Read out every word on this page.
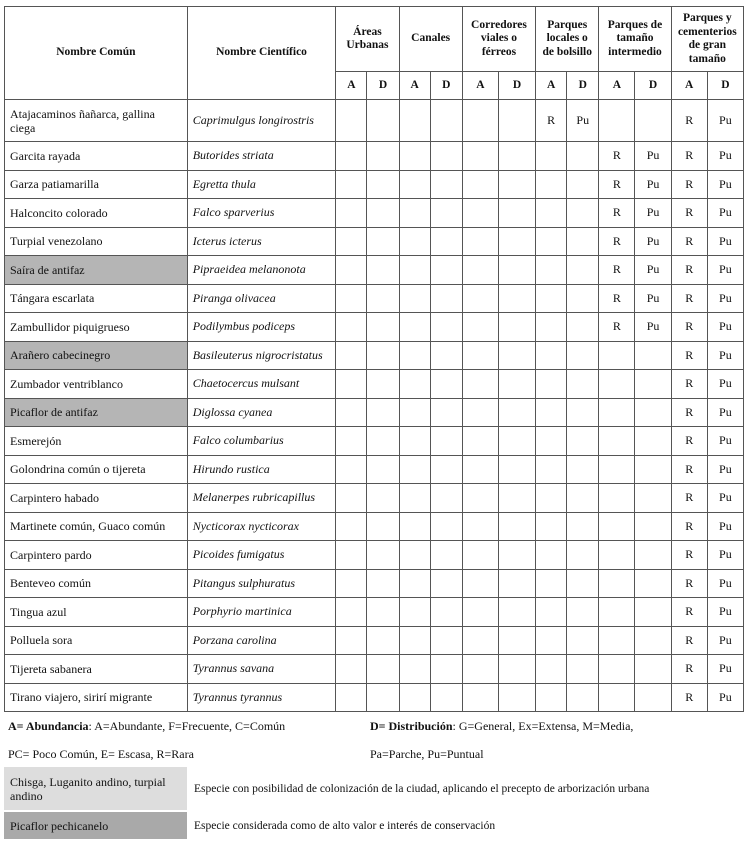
Nombre Común	Nombre Científico	Áreas Urbanas		Canales		Corredores viales o férreos		Parques locales o de bolsillo		Parques de tamaño intermedio		Parques y cementerios de gran tamaño	
		A	D	A	D	A	D	A	D	A	D	A	D
Atajacaminos ñañarca, gallina ciega	Caprimulgus longirostris							R	Pu			R	Pu
Garcita rayada	Butorides striata									R	Pu	R	Pu
Garza patiamarilla	Egretta thula									R	Pu	R	Pu
Halconcito colorado	Falco sparverius									R	Pu	R	Pu
Turpial venezolano	Icterus icterus									R	Pu	R	Pu
Saíra de antifaz	Pipraeidea melanonota									R	Pu	R	Pu
Tángara escarlata	Piranga olivacea									R	Pu	R	Pu
Zambullidor piquigrueso	Podilymbus podiceps									R	Pu	R	Pu
Arañero cabecinegro	Basileuterus nigrocristatus											R	Pu
Zumbador ventriblanco	Chaetocercus mulsant											R	Pu
Picaflor de antifaz	Diglossa cyanea											R	Pu
Esmerejón	Falco columbarius											R	Pu
Golondrina común o tijereta	Hirundo rustica											R	Pu
Carpintero habado	Melanerpes rubricapillus											R	Pu
Martinete común, Guaco común	Nycticorax nycticorax											R	Pu
Carpintero pardo	Picoides fumigatus											R	Pu
Benteveo común	Pitangus sulphuratus											R	Pu
Tingua azul	Porphyrio martinica											R	Pu
Polluela sora	Porzana carolina											R	Pu
Tijereta sabanera	Tyrannus savana											R	Pu
Tirano viajero, sirirí migrante	Tyrannus tyrannus											R	Pu
A= Abundancia: A=Abundante, F=Frecuente, C=Común
PC= Poco Común, E= Escasa, R=Rara
D= Distribución: G=General, Ex=Extensa, M=Media,
Pa=Parche, Pu=Puntual
Chisga, Luganito andino, turpial andino	Especie con posibilidad de colonización de la ciudad, aplicando el precepto de arborización urbana
Picaflor pechicanelo	Especie considerada como de alto valor e interés de conservación
